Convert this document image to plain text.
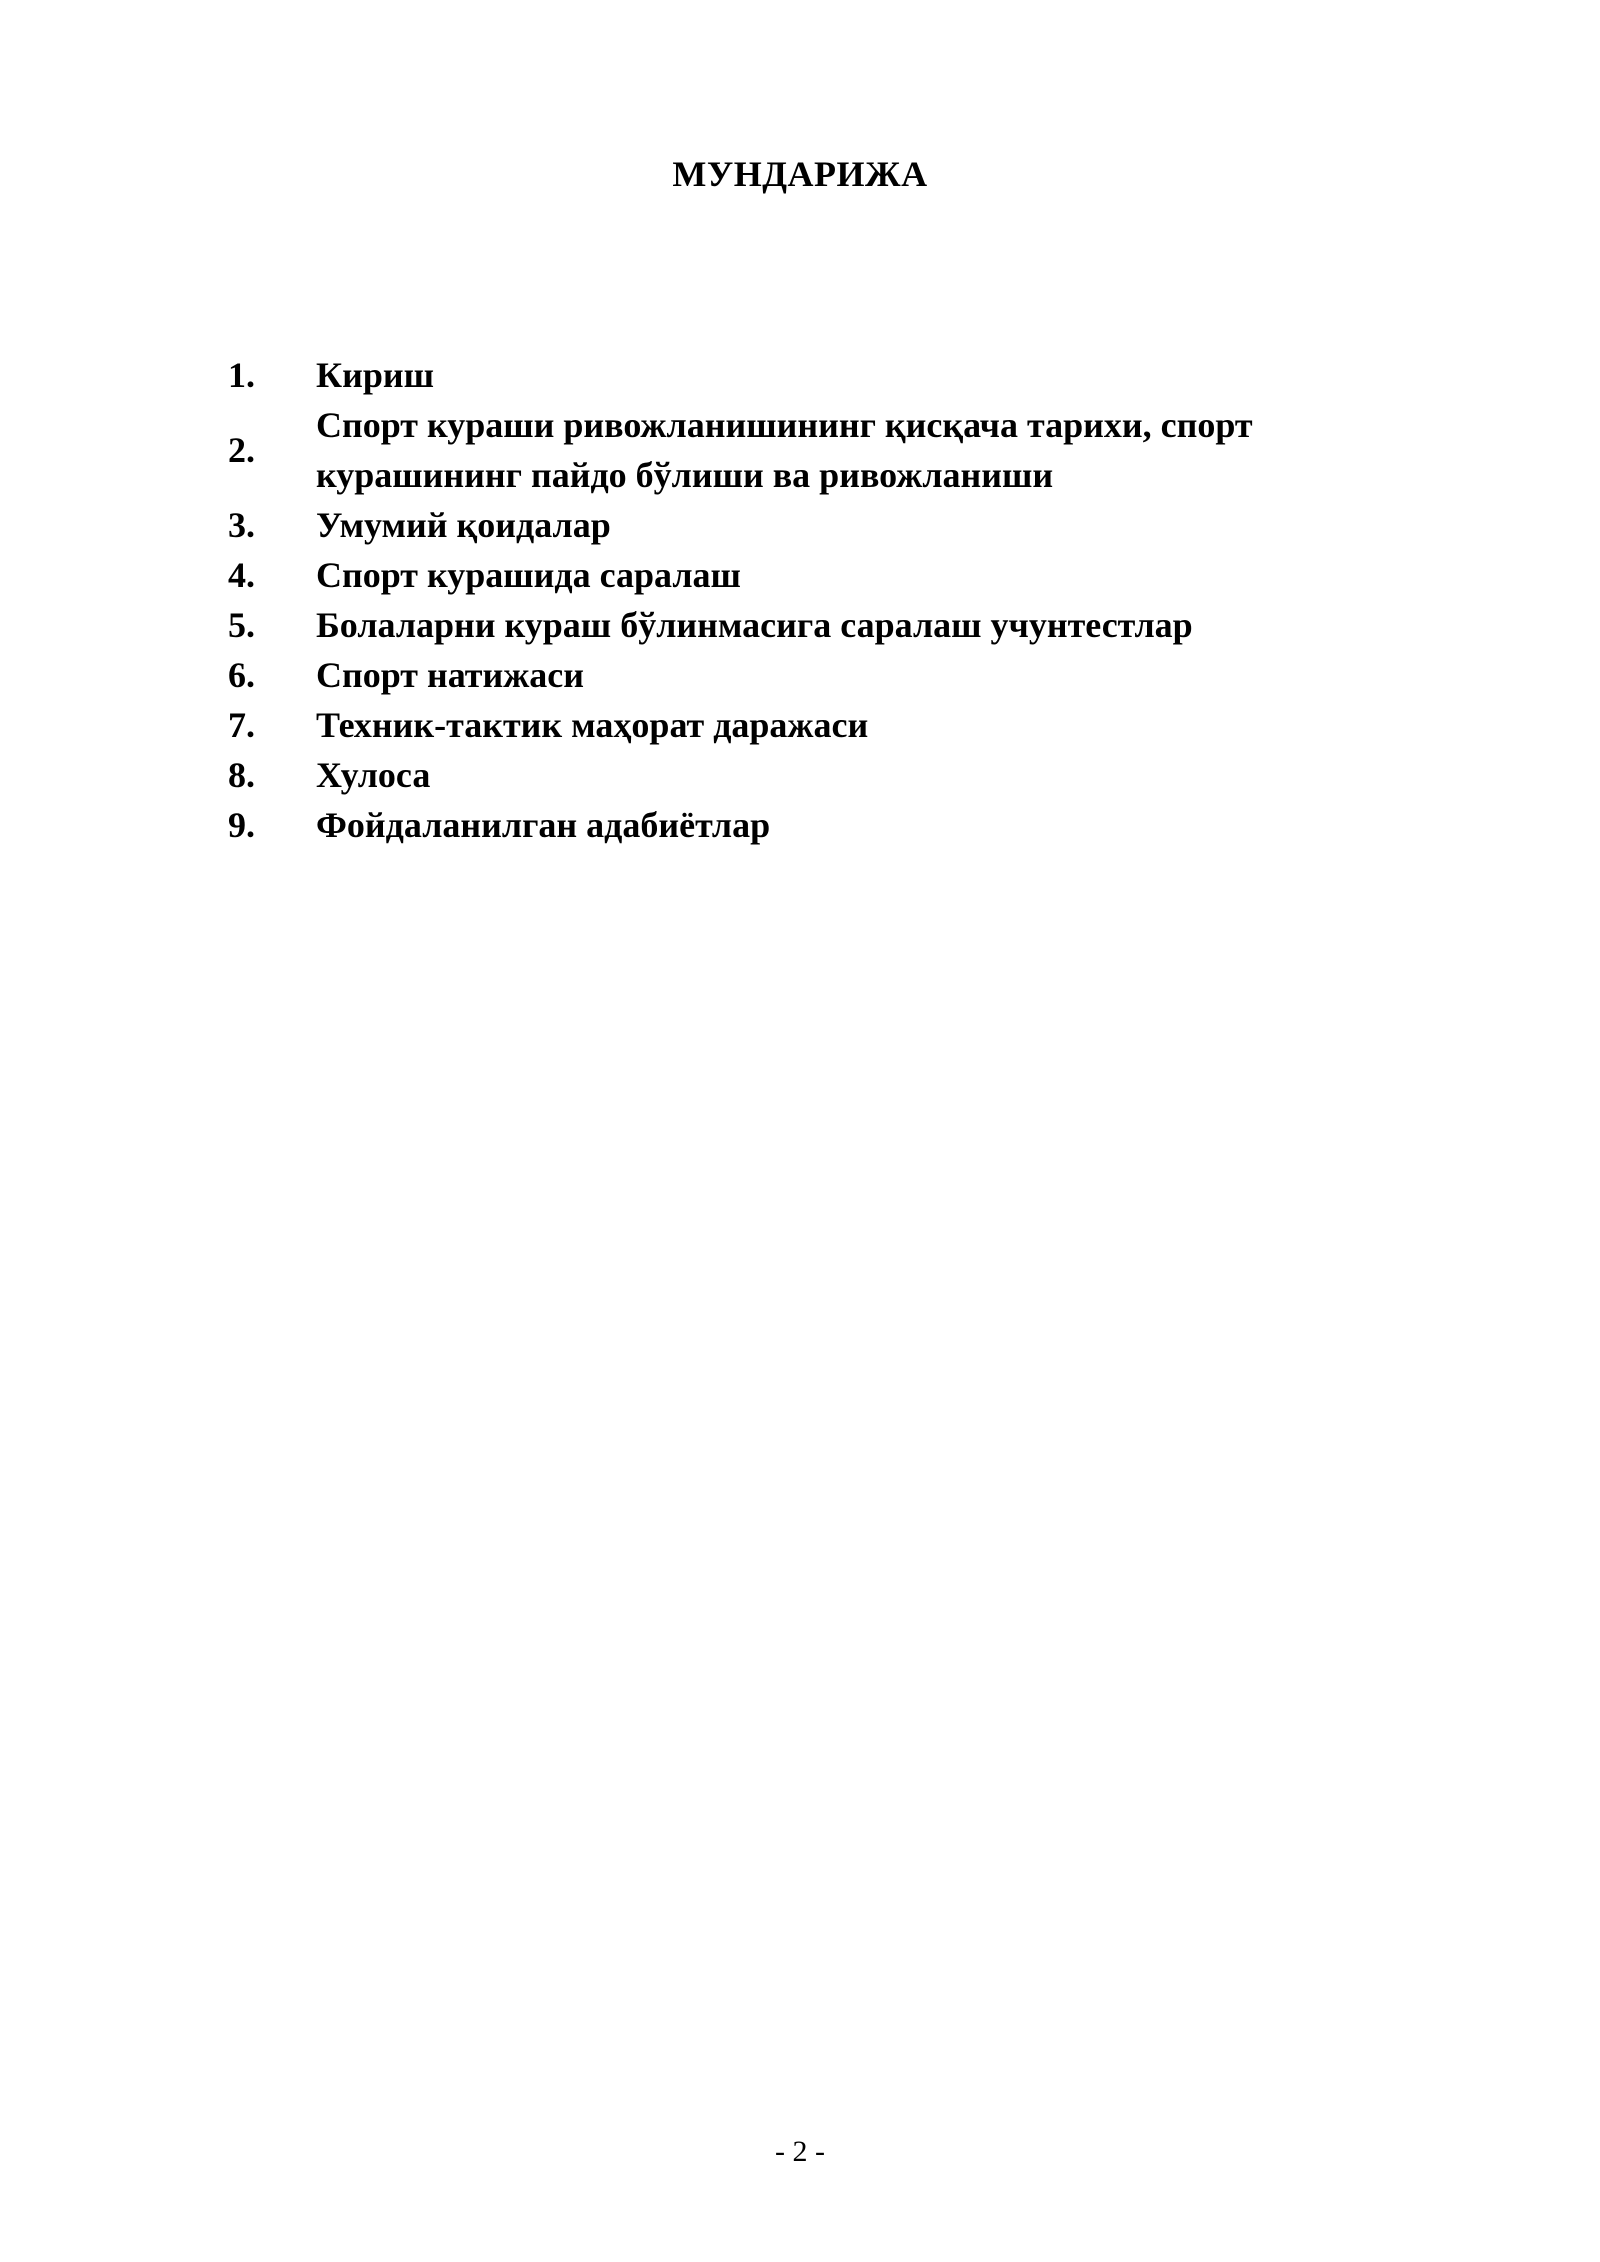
МУНДАРИЖА
1.	Кириш
2.
Спорт кураши ривожланишининг қисқача тарихи, спорт
курашининг пайдо бўлиши ва ривожланиши
3.	Умумий қоидалар
4.	Спорт курашида саралаш
5.	Болаларни кураш бўлинмасига саралаш учунтестлар
6.	Спорт натижаси
7.	Техник-тактик маҳорат даражаси
8.	Хулоса
9.	Фойдаланилган адабиётлар
- 2 -
